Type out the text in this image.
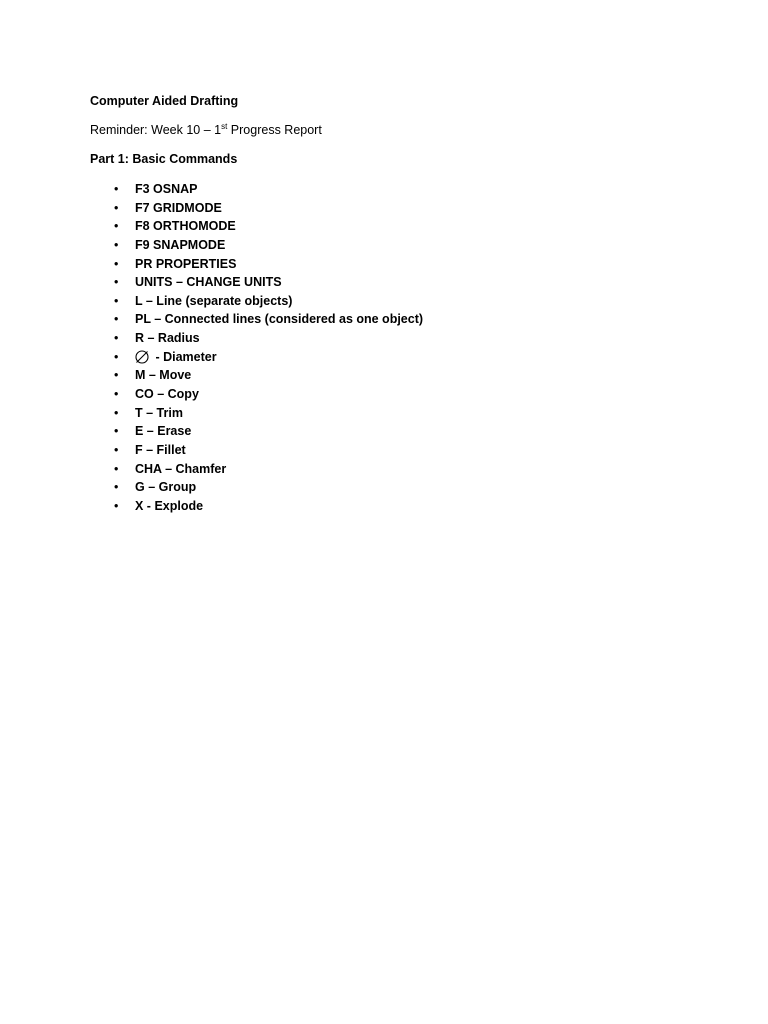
Computer Aided Drafting
Reminder: Week 10 – 1st Progress Report
Part 1: Basic Commands
• F3 OSNAP
• F7 GRIDMODE
• F8 ORTHOMODE
• F9 SNAPMODE
• PR PROPERTIES
• UNITS – CHANGE UNITS
• L – Line (separate objects)
• PL – Connected lines (considered as one object)
• R – Radius
•	- Diameter
• M – Move
• CO – Copy
• T – Trim
• E – Erase
• F – Fillet
• CHA – Chamfer
• G – Group
• X - Explode
